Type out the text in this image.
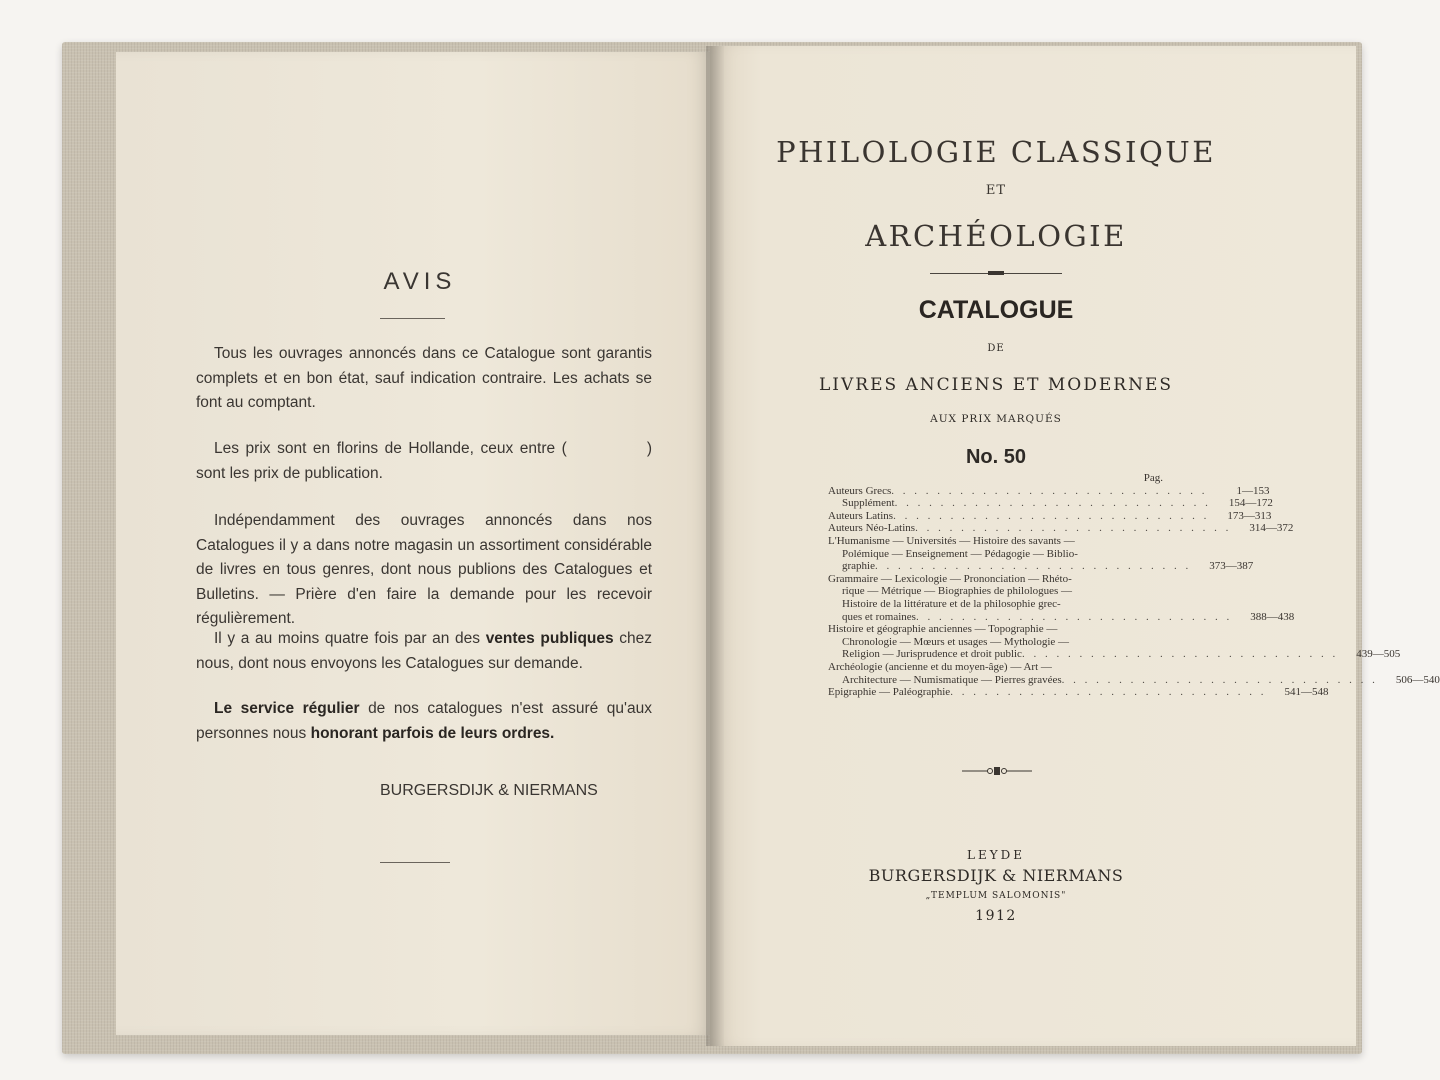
AVIS
Tous les ouvrages annoncés dans ce Catalogue sont garantis complets et en bon état, sauf indication contraire. Les achats se font au comptant.
Les prix sont en florins de Hollande, ceux entre (	) sont les prix de publication.
Indépendamment des ouvrages annoncés dans nos Catalogues il y a dans notre magasin un assortiment considérable de livres en tous genres, dont nous publions des Catalogues et Bulletins. — Prière d'en faire la demande pour les recevoir régulièrement.
Il y a au moins quatre fois par an des ventes publiques chez nous, dont nous envoyons les Catalogues sur demande.
Le service régulier de nos catalogues n'est assuré qu'aux personnes nous honorant parfois de leurs ordres.
BURGERSDIJK & NIERMANS
PHILOLOGIE CLASSIQUE
ET
ARCHÉOLOGIE
CATALOGUE
DE
LIVRES ANCIENS ET MODERNES
AUX PRIX MARQUÉS
No. 50
Pag.
Auteurs Grecs . . . . . . . . . . . . . . . . . . . . . . . . . . . .	1—153
Supplément . . . . . . . . . . . . . . . . . . . . . . . . . . . .	154—172
Auteurs Latins . . . . . . . . . . . . . . . . . . . . . . . . . . . .	173—313
Auteurs Néo-Latins . . . . . . . . . . . . . . . . . . . . . . . . . . . .	314—372
L'Humanisme — Universités — Histoire des savants —
Polémique — Enseignement — Pédagogie — Biblio-
graphie . . . . . . . . . . . . . . . . . . . . . . . . . . . .	373—387
Grammaire — Lexicologie — Prononciation — Rhéto-
rique — Métrique — Biographies de philologues —
Histoire de la littérature et de la philosophie grec-
ques et romaines . . . . . . . . . . . . . . . . . . . . . . . . . . . .	388—438
Histoire et géographie anciennes — Topographie —
Chronologie — Mœurs et usages — Mythologie —
Religion — Jurisprudence et droit public . . . . . . . . . . . . . . . . . . . . . . . . . . . .	439—505
Archéologie (ancienne et du moyen-âge) — Art —
Architecture — Numismatique — Pierres gravées . . . . . . . . . . . . . . . . . . . . . . . . . . . .	506—540
Epigraphie — Paléographie . . . . . . . . . . . . . . . . . . . . . . . . . . . .	541—548
LEYDE
BURGERSDIJK & NIERMANS
„TEMPLUM SALOMONIS"
1912
